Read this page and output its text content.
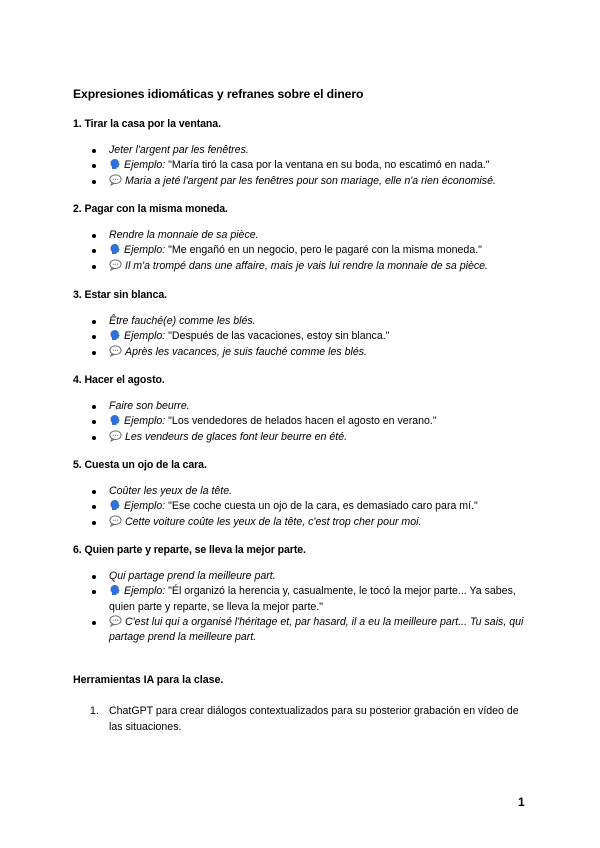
Expresiones idiomáticas y refranes sobre el dinero
1. Tirar la casa por la ventana.
Jeter l'argent par les fenêtres.
Ejemplo: "María tiró la casa por la ventana en su boda, no escatimó en nada."
Maria a jeté l'argent par les fenêtres pour son mariage, elle n'a rien économisé.
2. Pagar con la misma moneda.
Rendre la monnaie de sa pièce.
Ejemplo: "Me engañó en un negocio, pero le pagaré con la misma moneda."
Il m'a trompé dans une affaire, mais je vais lui rendre la monnaie de sa pièce.
3. Estar sin blanca.
Être fauché(e) comme les blés.
Ejemplo: "Después de las vacaciones, estoy sin blanca."
Après les vacances, je suis fauché comme les blés.
4. Hacer el agosto.
Faire son beurre.
Ejemplo: "Los vendedores de helados hacen el agosto en verano."
Les vendeurs de glaces font leur beurre en été.
5. Cuesta un ojo de la cara.
Coûter les yeux de la tête.
Ejemplo: "Ese coche cuesta un ojo de la cara, es demasiado caro para mí."
Cette voiture coûte les yeux de la tête, c'est trop cher pour moi.
6. Quien parte y reparte, se lleva la mejor parte.
Qui partage prend la meilleure part.
Ejemplo: "Él organizó la herencia y, casualmente, le tocó la mejor parte... Ya sabes, quien parte y reparte, se lleva la mejor parte."
C'est lui qui a organisé l'héritage et, par hasard, il a eu la meilleure part... Tu sais, qui partage prend la meilleure part.
Herramientas IA para la clase.
1. ChatGPT para crear diálogos contextualizados para su posterior grabación en vídeo de las situaciones.
1
